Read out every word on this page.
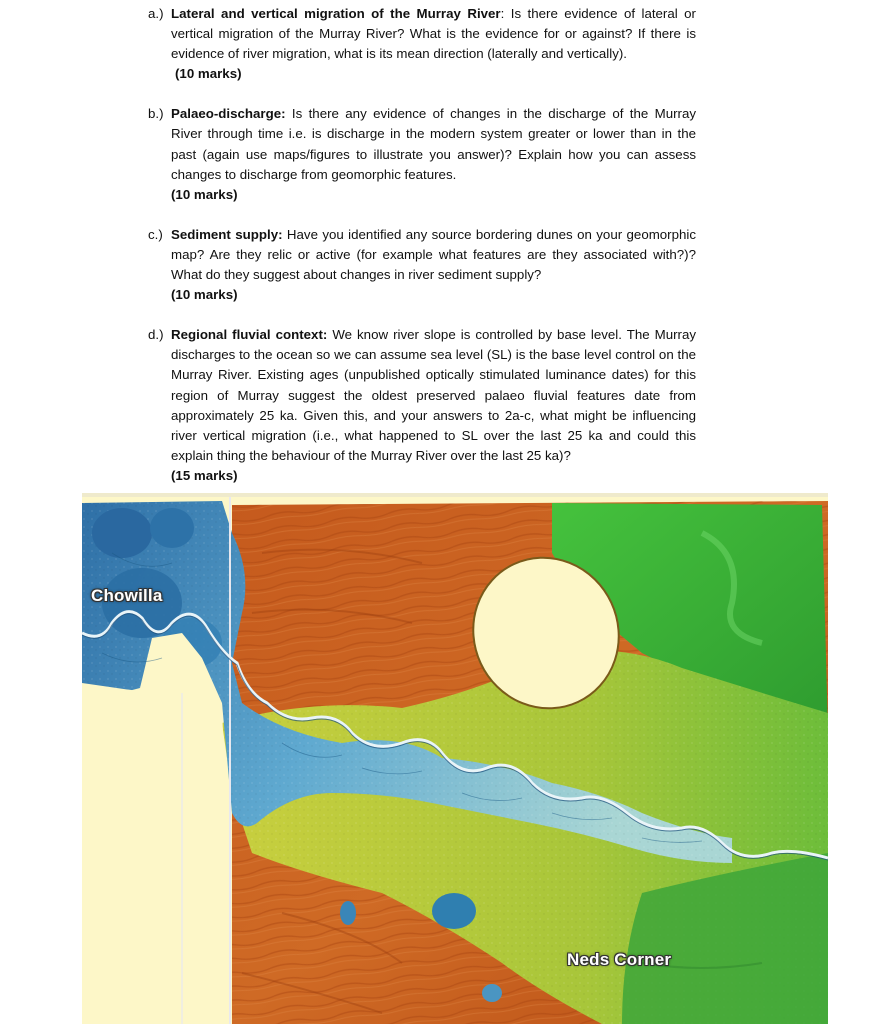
a.) Lateral and vertical migration of the Murray River: Is there evidence of lateral or vertical migration of the Murray River? What is the evidence for or against? If there is evidence of river migration, what is its mean direction (laterally and vertically).
(10 marks)
b.) Palaeo-discharge: Is there any evidence of changes in the discharge of the Murray River through time i.e. is discharge in the modern system greater or lower than in the past (again use maps/figures to illustrate you answer)? Explain how you can assess changes to discharge from geomorphic features.
(10 marks)
c.) Sediment supply: Have you identified any source bordering dunes on your geomorphic map? Are they relic or active (for example what features are they associated with?)? What do they suggest about changes in river sediment supply?
(10 marks)
d.) Regional fluvial context: We know river slope is controlled by base level. The Murray discharges to the ocean so we can assume sea level (SL) is the base level control on the Murray River. Existing ages (unpublished optically stimulated luminance dates) for this region of Murray suggest the oldest preserved palaeo fluvial features date from approximately 25 ka. Given this, and your answers to 2a-c, what might be influencing river vertical migration (i.e., what happened to SL over the last 25 ka and could this explain thing the behaviour of the Murray River over the last 25 ka)?
(15 marks)
Chowilla
Neds Corner
